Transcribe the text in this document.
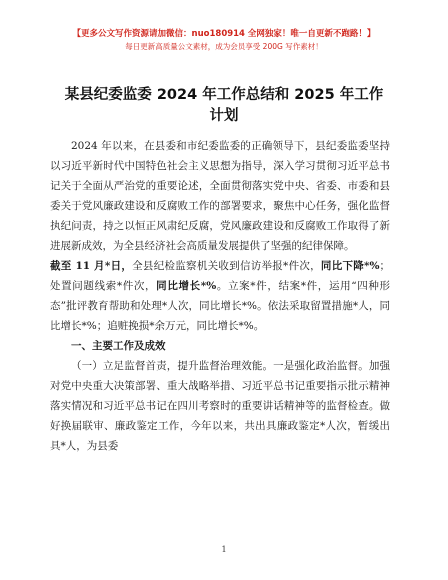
【更多公文写作资源请加微信：nuo180914 全网独家！唯一自更新不跑路！】
每日更新高质量公文素材，成为会员享受 200G 写作素材！
某县纪委监委 2024 年工作总结和 2025 年工作计划

2024 年以来，在县委和市纪委监委的正确领导下，县纪委监委坚持以习近平新时代中国特色社会主义思想为指导，深入学习贯彻习近平总书记关于全面从严治党的重要论述，全面贯彻落实党中央、省委、市委和县委关于党风廉政建设和反腐败工作的部署要求，聚焦中心任务，强化监督执纪问责，持之以恒正风肃纪反腐，党风廉政建设和反腐败工作取得了新进展新成效，为全县经济社会高质量发展提供了坚强的纪律保障。

截至 11 月*日，全县纪检监察机关收到信访举报*件次，同比下降*%；处置问题线索*件次，同比增长*%。立案*件，结案*件，运用“四种形态”批评教育帮助和处理*人次，同比增长*%。依法采取留置措施*人，同比增长*%；追赃挽损*余万元，同比增长*%。

一、主要工作及成效

（一）立足监督首责，提升监督治理效能。一是强化政治监督。加强对党中央重大决策部署、重大战略举措、习近平总书记重要指示批示精神落实情况和习近平总书记在四川考察时的重要讲话精神等的监督检查。做好换届联审、廉政鉴定工作，今年以来，共出具廉政鉴定*人次，暂缓出具*人，为县委

1
